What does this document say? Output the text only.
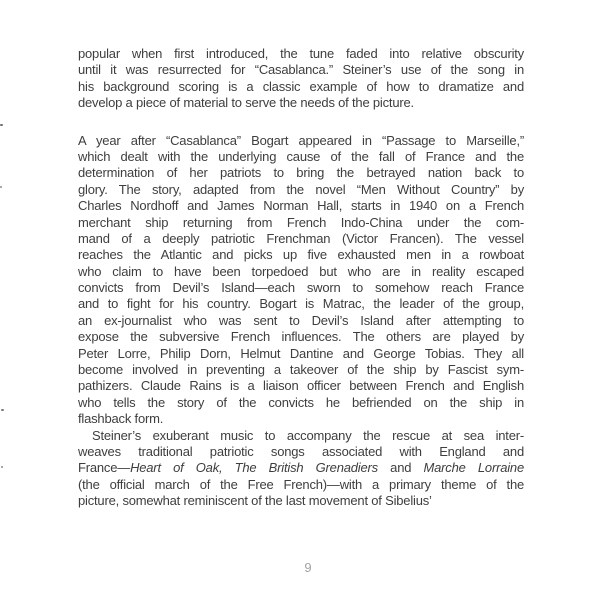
popular when first introduced, the tune faded into relative obscurity
until it was resurrected for “Casablanca.” Steiner’s use of the song in
his background scoring is a classic example of how to dramatize and
develop a piece of material to serve the needs of the picture.
A year after “Casablanca” Bogart appeared in “Passage to Marseille,”
which dealt with the underlying cause of the fall of France and the
determination of her patriots to bring the betrayed nation back to
glory. The story, adapted from the novel “Men Without Country” by
Charles Nordhoff and James Norman Hall, starts in 1940 on a French
merchant ship returning from French Indo-China under the com-
mand of a deeply patriotic Frenchman (Victor Francen). The vessel
reaches the Atlantic and picks up five exhausted men in a rowboat
who claim to have been torpedoed but who are in reality escaped
convicts from Devil’s Island—each sworn to somehow reach France
and to fight for his country. Bogart is Matrac, the leader of the group,
an ex-journalist who was sent to Devil’s Island after attempting to
expose the subversive French influences. The others are played by
Peter Lorre, Philip Dorn, Helmut Dantine and George Tobias. They all
become involved in preventing a takeover of the ship by Fascist sym-
pathizers. Claude Rains is a liaison officer between French and English
who tells the story of the convicts he befriended on the ship in
flashback form.
Steiner’s exuberant music to accompany the rescue at sea inter-
weaves traditional patriotic songs associated with England and
France—Heart of Oak, The British Grenadiers and Marche Lorraine
(the official march of the Free French)—with a primary theme of the
picture, somewhat reminiscent of the last movement of Sibelius’
9
